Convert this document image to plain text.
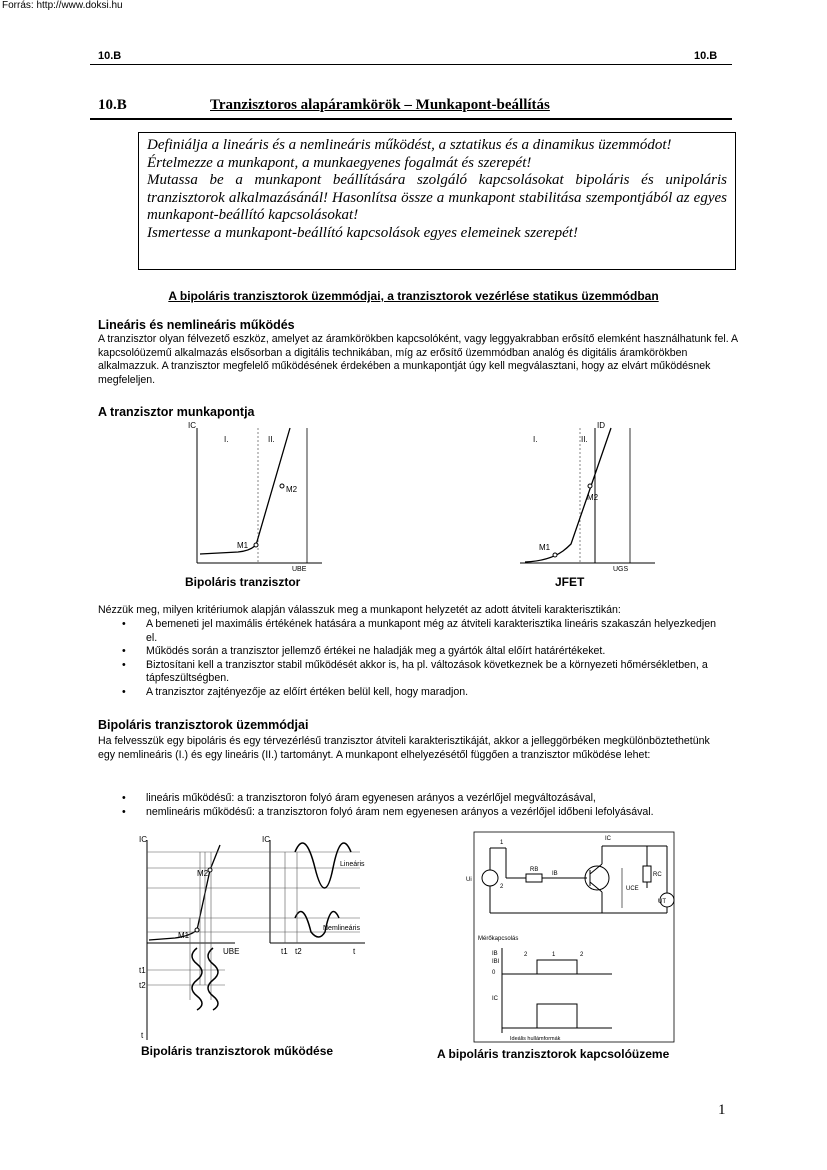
Forrás: http://www.doksi.hu
10.B	10.B
10.B	Tranzisztoros alapáramkörök – Munkapont-beállítás

Definiálja a lineáris és a nemlineáris működést, a sztatikus és a dinamikus üzemmódot!

Értelmezze a munkapont, a munkaegyenes fogalmát és szerepét!

Mutassa be a munkapont beállítására szolgáló kapcsolásokat bipoláris és unipoláris tranzisztorok alkalmazásánál! Hasonlítsa össze a munkapont stabilitása szempontjából az egyes munkapont-beállító kapcsolásokat!

Ismertesse a munkapont-beállító kapcsolások egyes elemeinek szerepét!

A bipoláris tranzisztorok üzemmódjai, a tranzisztorok vezérlése statikus üzemmódban
Lineáris és nemlineáris működés
A tranzisztor olyan félvezető eszköz, amelyet az áramkörökben kapcsolóként, vagy leggyakrabban erősítő elemként használhatunk fel. A kapcsolóüzemű alkalmazás elsősorban a digitális technikában, míg az erősítő üzemmódban analóg és digitális áramkörökben alkalmazzuk. A tranzisztor megfelelő működésének érdekében a munkapontját úgy kell megválasztani, hogy az elvárt működésnek megfeleljen.
A tranzisztor munkapontja
IC
I.	II.
M1
M2
UBE
Bipoláris tranzisztor
ID
I.	II.
M1
M2
UGS
JFET
Nézzük meg, milyen kritériumok alapján válasszuk meg a munkapont helyzetét az adott átviteli karakterisztikán:
• A bemeneti jel maximális értékének hatására a munkapont még az átviteli karakterisztika lineáris szakaszán helyezkedjen el.
• Működés során a tranzisztor jellemző értékei ne haladják meg a gyártók által előírt határértékeket.
• Biztosítani kell a tranzisztor stabil működését akkor is, ha pl. változások következnek be a környezeti hőmérsékletben, a tápfeszültségben.
• A tranzisztor zajtényezője az előírt értéken belül kell, hogy maradjon.
Bipoláris tranzisztorok üzemmódjai
Ha felvesszük egy bipoláris és egy térvezérlésű tranzisztor átviteli karakterisztikáját, akkor a jelleggörbéken megkülönböztethetünk egy nemlineáris (I.) és egy lineáris (II.) tartományt. A munkapont elhelyezésétől függően a tranzisztor működése lehet:
• lineáris működésű: a tranzisztoron folyó áram egyenesen arányos a vezérlőjel megváltozásával,
• nemlineáris működésű: a tranzisztoron folyó áram nem egyenesen arányos a vezérlőjel időbeni lefolyásával.
IC	IC
M2
M1
UBE
Lineáris
Nemlineáris
t1 t2	t
t1
t2
t
Bipoláris tranzisztorok működése
Ui
RB
IB
IC
RC
UCE
UT
1
2
Mérőkapcsolás
IB
IBI
0
IC
2	1	2
Ideális hullámformák
A bipoláris tranzisztorok kapcsolóüzeme
1
